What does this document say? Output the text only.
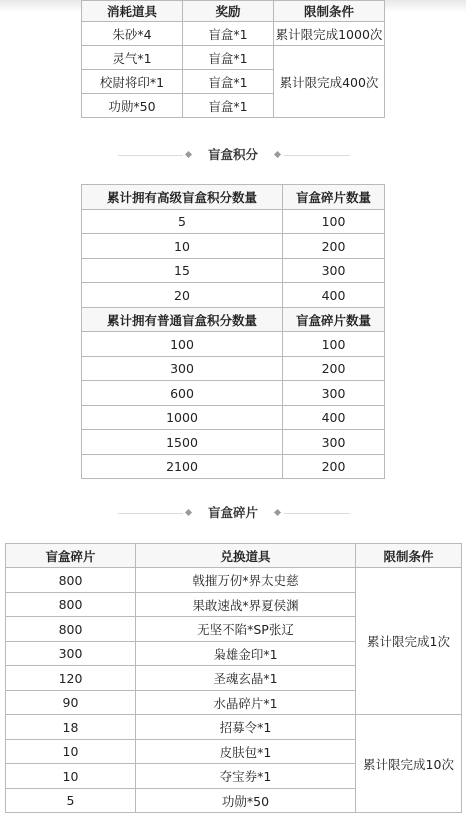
消耗道具	奖励	限制条件
朱砂*4	盲盒*1	累计限完成1000次
灵气*1	盲盒*1	累计限完成400次
校尉将印*1	盲盒*1	
功勋*50	盲盒*1	
盲盒积分
累计拥有高级盲盒积分数量	盲盒碎片数量
5	100
10	200
15	300
20	400
累计拥有普通盲盒积分数量	盲盒碎片数量
100	100
300	200
600	300
1000	400
1500	300
2100	200
盲盒碎片
盲盒碎片	兑换道具	限制条件
800	戟摧万仞*界太史慈	累计限完成1次
800	果敢速战*界夏侯渊	
800	无坚不陷*SP张辽	
300	枭雄金印*1	
120	圣魂玄晶*1	
90	水晶碎片*1	
18	招募令*1	累计限完成10次
10	皮肤包*1	
10	夺宝券*1	
5	功勋*50	
